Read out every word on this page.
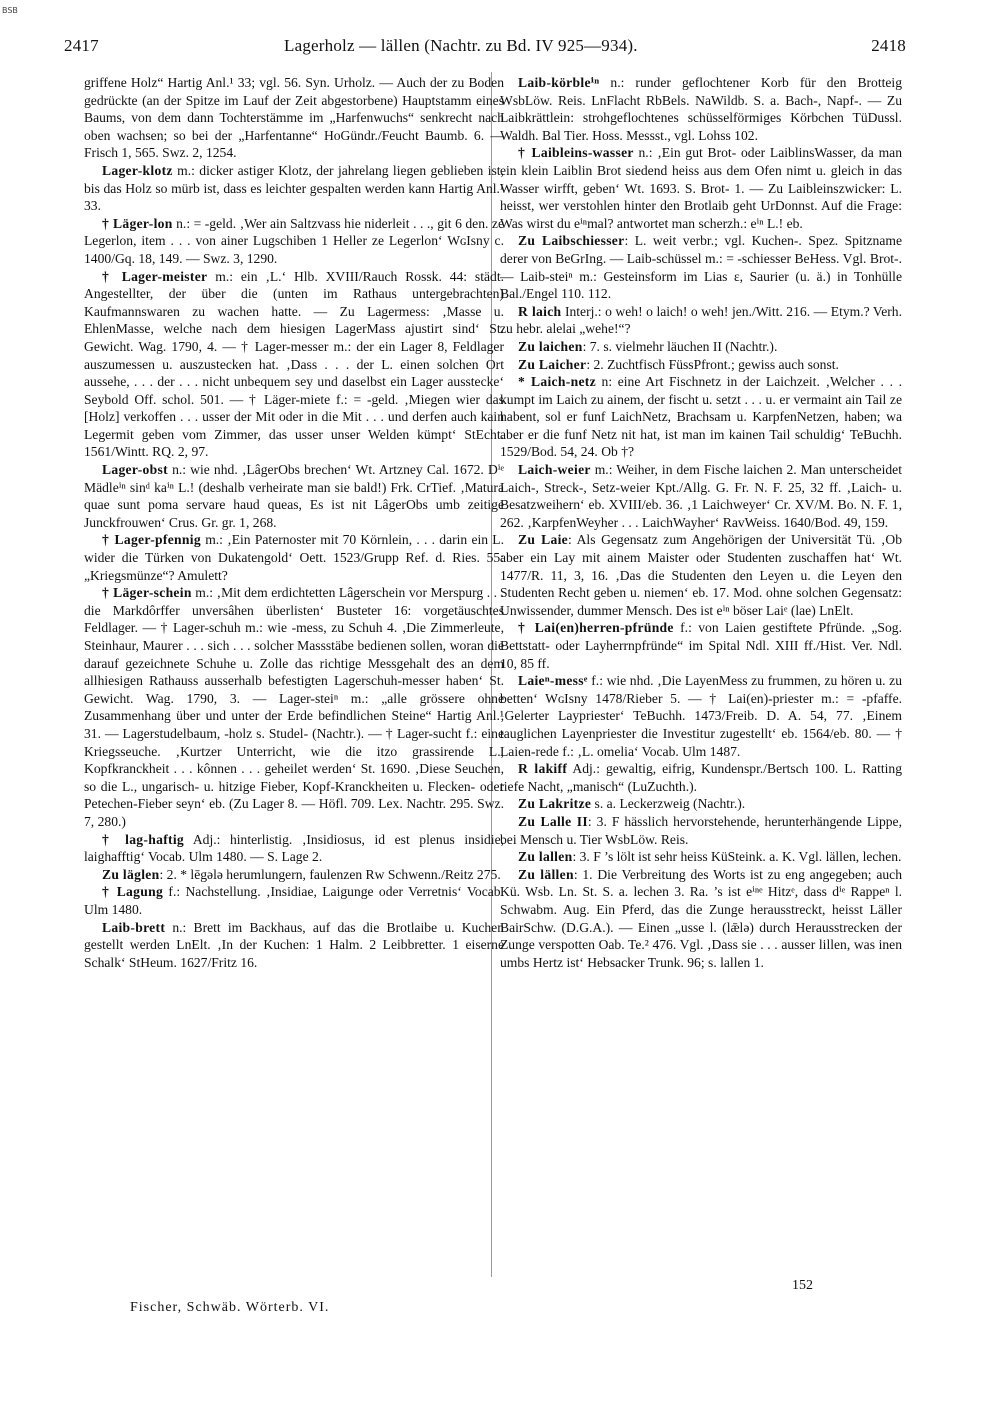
BSB
2417	Lagerholz — lällen (Nachtr. zu Bd. IV 925—934).	2418

griffene Holz“ Hartig Anl.¹ 33; vgl. 56. Syn. Urholz. — Auch der zu Boden gedrückte (an der Spitze im Lauf der Zeit abgestorbene) Hauptstamm eines Baums, von dem dann Tochterstämme im „Harfenwuchs“ senkrecht nach oben wachsen; so bei der „Harfentanne“ HoGündr./Feucht Baumb. 6. — Frisch 1, 565. Swz. 2, 1254.

Lager-klotz m.: dicker astiger Klotz, der jahrelang liegen geblieben ist, bis das Holz so mürb ist, dass es leichter gespalten werden kann Hartig Anl.¹ 33.

† Läger-lon n.: = -geld. ‚Wer ain Saltzvass hie niderleit . . ., git 6 den. ze Legerlon, item . . . von ainer Lugschiben 1 Heller ze Legerlon‘ WɢIsny c. 1400/Gq. 18, 149. — Swz. 3, 1290.

† Lager-meister m.: ein ‚L.‘ Hlb. XVIII/Rauch Rossk. 44: städt. Angestellter, der über die (unten im Rathaus untergebrachten) Kaufmannswaren zu wachen hatte. — Zu Lagermess: ‚Masse u. EhlenMasse, welche nach dem hiesigen LagerMass ajustirt sind‘ St. Gewicht. Wag. 1790, 4. — † Lager-messer m.: der ein Lager 8, Feldlager auszumessen u. auszustecken hat. ‚Dass . . . der L. einen solchen Ort aussehe, . . . der . . . nicht unbequem sey und daselbst ein Lager ausstecke‘ Seybold Off. schol. 501. — † Läger-miete f.: = -geld. ‚Miegen wier das [Holz] verkoffen . . . usser der Mit oder in die Mit . . . und derfen auch kain Legermit geben vom Zimmer, das usser unser Welden kümpt‘ StEcht. 1561/Wintt. RQ. 2, 97.

Lager-obst n.: wie nhd. ‚LâgerObs brechen‘ Wt. Artzney Cal. 1672. Dⁱᵉ Mädleⁱⁿ sinᵈ kaⁱⁿ L.! (deshalb verheiratе man sie bald!) Frk. CrTief. ‚Matura quae sunt poma servare haud queas, Es ist nit LâgerObs umb zeitige Junckfrouwen‘ Crus. Gr. gr. 1, 268.

† Lager-pfennig m.: ‚Ein Paternoster mit 70 Körnlein, . . . darin ein L. wider die Türken von Dukatengold‘ Oett. 1523/Grupp Ref. d. Ries. 55: „Kriegsmünze“? Amulett?

† Läger-schein m.: ‚Mit dem erdichtetten Lâgerschein vor Merspurg . . . die Markdôrffer unversâhen überlisten‘ Busteter 16: vorgetäuschtes Feldlager. — † Lager-schuh m.: wie -mess, zu Schuh 4. ‚Die Zimmerleute, Steinhaur, Maurer . . . sich . . . solcher Massstäbe bedienen sollen, woran die darauf gezeichnete Schuhe u. Zolle das richtige Messgehalt des an dem allhiesigen Rathauss ausserhalb befestigten Lagerschuh-messer haben‘ St. Gewicht. Wag. 1790, 3. — Lager-steiⁿ m.: „alle grössere ohne Zusammenhang über und unter der Erde befindlichen Steine“ Hartig Anl.¹ 31. — Lagerstudelbaum, -holz s. Studel- (Nachtr.). — † Lager-sucht f.: eine Kriegsseuche. ‚Kurtzer Unterricht, wie die itzo grassirende L., Kopfkranckheit . . . kônnen . . . geheilet werden‘ St. 1690. ‚Diese Seuchen, so die L., ungarisch- u. hitzige Fieber, Kopf-Kranckheiten u. Flecken- oder Petechen-Fieber seyn‘ eb. (Zu Lager 8. — Höfl. 709. Lex. Nachtr. 295. Swz. 7, 280.)

† lag-haftig Adj.: hinterlistig. ‚Insidiosus, id est plenus insidie, laighafftig‘ Vocab. Ulm 1480. — S. Lage 2.

Zu läglen: 2. * lēgələ herumlungern, faulenzen Rw Schwenn./Reitz 275.

† Lagung f.: Nachstellung. ‚Insidiae, Laigunge oder Verretnis‘ Vocab. Ulm 1480.

Laib-brett n.: Brett im Backhaus, auf das die Brotlaibe u. Kuchen gestellt werden LnElt. ‚In der Kuchen: 1 Halm. 2 Leibbretter. 1 eiserne Schalk‘ StHeum. 1627/Fritz 16.

Laib-körbleⁱⁿ n.: runder geflochtener Korb für den Brotteig WsbLöw. Reis. LnFlacht RbBels. NaWildb. S. a. Bach-, Napf-. — Zu Laibkrättlein: strohgeflochtenes schüsselförmiges Körbchen TüDussl. Waldh. Bal Tier. Hoss. Messst., vgl. Lohss 102.

† Laibleins-wasser n.: ‚Ein gut Brot- oder LaiblinsWasser, da man ein klein Laiblin Brot siedend heiss aus dem Ofen nimt u. gleich in das Wasser wirfft, geben‘ Wt. 1693. S. Brot- 1. — Zu Laibleinszwicker: L. heisst, wer verstohlen hinter den Brotlaib geht UrDonnst. Auf die Frage: Was wirst du eⁱⁿmal? antwortet man scherzh.: eⁱⁿ L.! eb.

Zu Laibschiesser: L. weit verbr.; vgl. Kuchen-. Spez. Spitzname derer von BeGrIng. — Laib-schüssel m.: = -schiesser BeHess. Vgl. Brot-. — Laib-steiⁿ m.: Gesteinsform im Lias ε, Saurier (u. ä.) in Tonhülle Bal./Engel 110. 112.

R laich Interj.: o weh! o laich! o weh! jen./Witt. 216. — Etym.? Verh. zu hebr. alelai „wehe!“?

Zu laichen: 7. s. vielmehr läuchen II (Nachtr.).

Zu Laicher: 2. Zuchtfisch FüssPfront.; gewiss auch sonst.

* Laich-netz n: eine Art Fischnetz in der Laichzeit. ‚Welcher . . . kumpt im Laich zu ainem, der fischt u. setzt . . . u. er vermaint ain Tail ze habent, sol er funf LaichNetz, Brachsam u. KarpfenNetzen, haben; wa aber er die funf Netz nit hat, ist man im kainen Tail schuldig‘ TeBuchh. 1529/Bod. 54, 24. Ob †?

Laich-weier m.: Weiher, in dem Fische laichen 2. Man unterscheidet Laich-, Streck-, Setz-weier Kpt./Allg. G. Fr. N. F. 25, 32 ff. ‚Laich- u. Besatzweihern‘ eb. XVIII/eb. 36. ‚1 Laichweyer‘ Cr. XV/M. Bo. N. F. 1, 262. ‚KarpfenWeyher . . . LaichWayher‘ RavWeiss. 1640/Bod. 49, 159.

Zu Laie: Als Gegensatz zum Angehörigen der Universität Tü. ‚Ob aber ein Lay mit ainem Maister oder Studenten zuschaffen hat‘ Wt. 1477/R. 11, 3, 16. ‚Das die Studenten den Leyen u. die Leyen den Studenten Recht geben u. niemen‘ eb. 17. Mod. ohne solchen Gegensatz: Unwissender, dummer Mensch. Des ist eⁱⁿ böser Laiᵉ (lae) LnElt.

† Lai(en)herren-pfründe f.: von Laien gestiftete Pfründe. „Sog. Bettstatt- oder Layherrnpfründe“ im Spital Ndl. XIII ff./Hist. Ver. Ndl. 10, 85 ff.

Laieⁿ-messᵉ f.: wie nhd. ‚Die LayenMess zu frummen, zu hören u. zu betten‘ WɢIsny 1478/Rieber 5. — † Lai(en)-priester m.: = -pfaffe. ‚Gelerter Laypriester‘ TeBuchh. 1473/Freib. D. A. 54, 77. ‚Einem tauglichen Layenpriester die Investitur zugestellt‘ eb. 1564/eb. 80. — † Laien-rede f.: ‚L. omelia‘ Vocab. Ulm 1487.

R lakiff Adj.: gewaltig, eifrig, Kundenspr./Bertsch 100. L. Ratting tiefe Nacht, „manisch“ (LuZuchth.).

Zu Lakritze s. a. Leckerzweig (Nachtr.).

Zu Lalle II: 3. F hässlich hervorstehende, herunterhängende Lippe, bei Mensch u. Tier WsbLöw. Reis.

Zu lallen: 3. F ’s lölt ist sehr heiss KüSteink. a. K. Vgl. lällen, lechen.

Zu lällen: 1. Die Verbreitung des Worts ist zu eng angegeben; auch Kü. Wsb. Ln. St. S. a. lechen 3. Ra. ’s ist eⁱⁿᵉ Hitzᵉ, dass dⁱᵉ Rappeⁿ l. Schwabm. Aug. Ein Pferd, das die Zunge herausstreckt, heisst Läller BairSchw. (D.G.A.). — Einen „usse l. (lǣlə) durch Herausstrecken der Zunge verspotten Oab. Te.² 476. Vgl. ‚Dass sie . . . ausser lillen, was inen umbs Hertz ist‘ Hebsacker Trunk. 96; s. lallen 1.

Fischer, Schwäb. Wörterb. VI.
152
